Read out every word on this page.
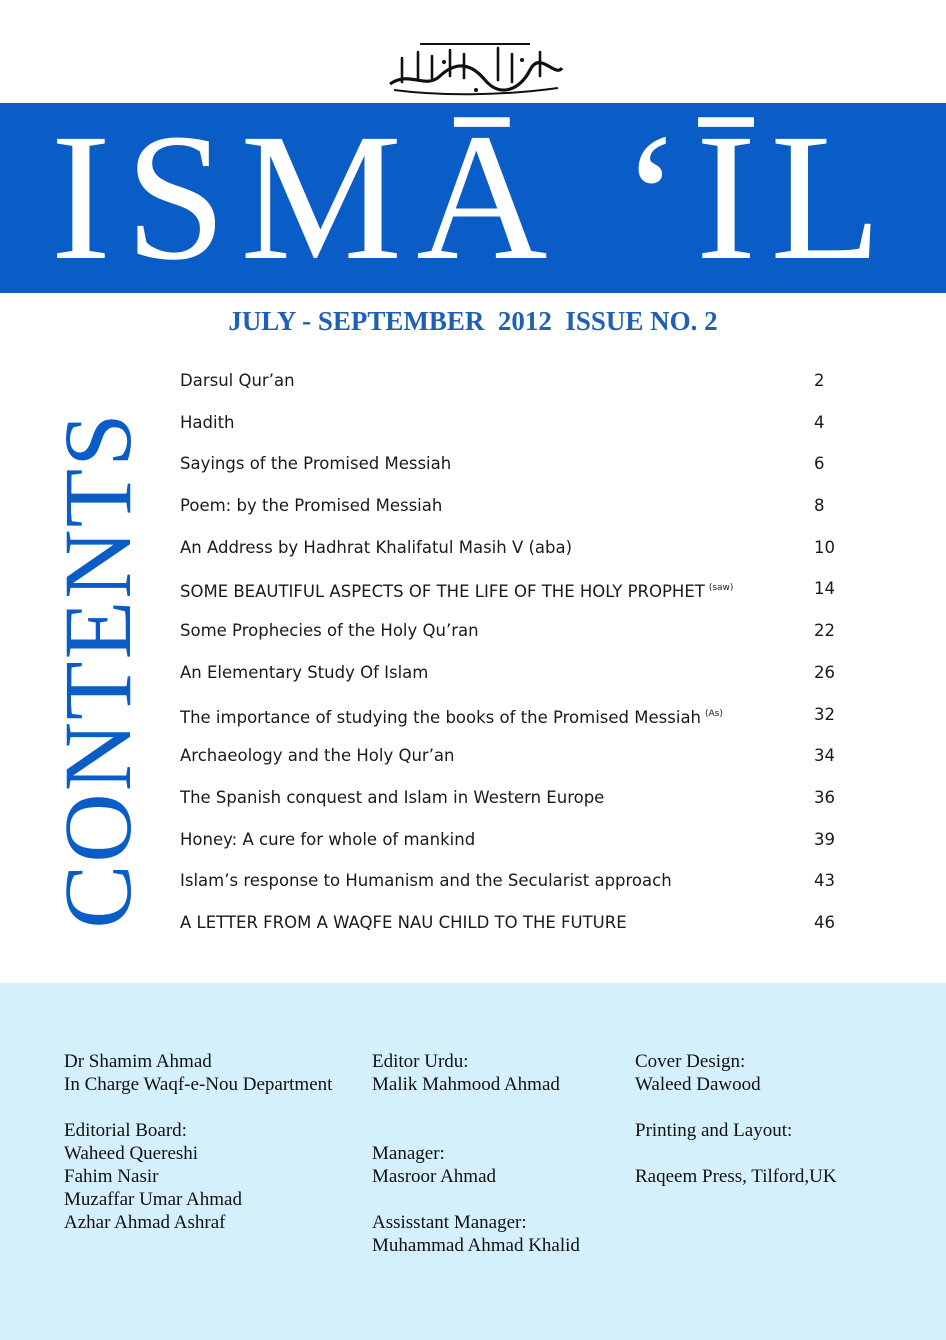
ISMĀ ‘ĪL
JULY - SEPTEMBER  2012  ISSUE NO. 2
CONTENTS
Darsul Qur’an	2
Hadith	4
Sayings of the Promised Messiah	6
Poem: by the Promised Messiah	8
An Address by Hadhrat Khalifatul Masih V (aba)	10
SOME BEAUTIFUL ASPECTS OF THE LIFE OF THE HOLY PROPHET $^{(saw)}$	14
Some Prophecies of the Holy Qu’ran	22
An Elementary Study Of Islam	26
The importance of studying the books of the Promised Messiah $^{(As)}$	32
Archaeology and the Holy Qur’an	34
The Spanish conquest and Islam in Western Europe	36
Honey: A cure for whole of mankind	39
Islam’s response to Humanism and the Secularist approach	43
A LETTER FROM A WAQFE NAU CHILD TO THE FUTURE	46

Dr Shamim Ahmad

In Charge Waqf-e-Nou Department

Editorial Board:

Waheed Quereshi

Fahim Nasir

Muzaffar Umar Ahmad

Azhar Ahmad Ashraf

Editor Urdu:

Malik Mahmood Ahmad

Manager:

Masroor Ahmad

Assisstant Manager:

Muhammad Ahmad Khalid

Cover Design:

Waleed Dawood

Printing and Layout:

Raqeem Press, Tilford,UK
